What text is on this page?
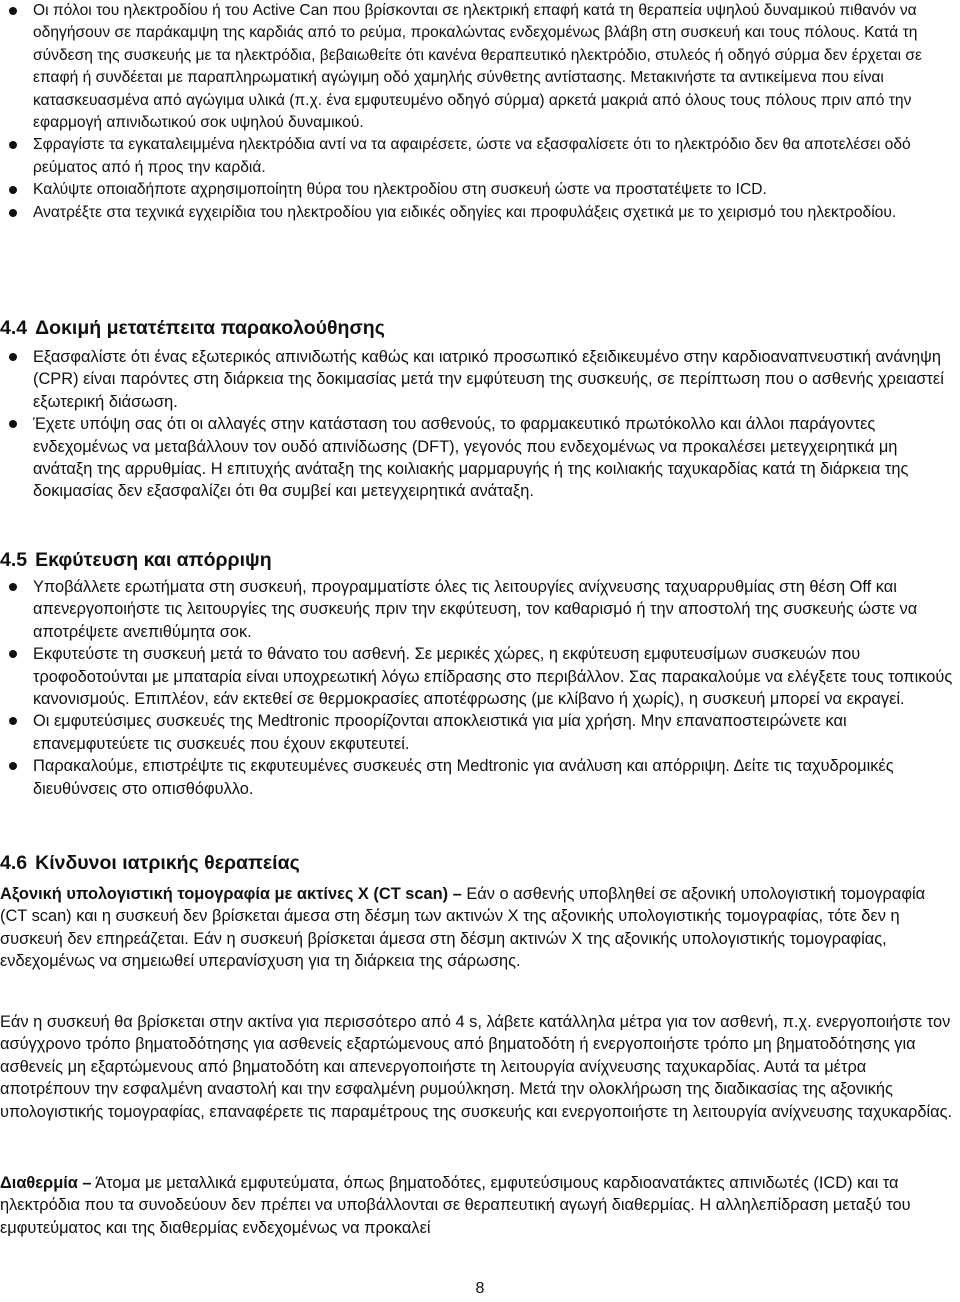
Οι πόλοι του ηλεκτροδίου ή του Active Can που βρίσκονται σε ηλεκτρική επαφή κατά τη θεραπεία υψηλού δυναμικού πιθανόν να οδηγήσουν σε παράκαμψη της καρδιάς από το ρεύμα, προκαλώντας ενδεχομένως βλάβη στη συσκευή και τους πόλους. Κατά τη σύνδεση της συσκευής με τα ηλεκτρόδια, βεβαιωθείτε ότι κανένα θεραπευτικό ηλεκτρόδιο, στυλεός ή οδηγό σύρμα δεν έρχεται σε επαφή ή συνδέεται με παραπληρωματική αγώγιμη οδό χαμηλής σύνθετης αντίστασης. Μετακινήστε τα αντικείμενα που είναι κατασκευασμένα από αγώγιμα υλικά (π.χ. ένα εμφυτευμένο οδηγό σύρμα) αρκετά μακριά από όλους τους πόλους πριν από την εφαρμογή απινιδωτικού σοκ υψηλού δυναμικού.
Σφραγίστε τα εγκαταλειμμένα ηλεκτρόδια αντί να τα αφαιρέσετε, ώστε να εξασφαλίσετε ότι το ηλεκτρόδιο δεν θα αποτελέσει οδό ρεύματος από ή προς την καρδιά.
Καλύψτε οποιαδήποτε αχρησιμοποίητη θύρα του ηλεκτροδίου στη συσκευή ώστε να προστατέψετε το ICD.
Ανατρέξτε στα τεχνικά εγχειρίδια του ηλεκτροδίου για ειδικές οδηγίες και προφυλάξεις σχετικά με το χειρισμό του ηλεκτροδίου.
4.4 Δοκιμή μετατέπειτα παρακολούθησης
Εξασφαλίστε ότι ένας εξωτερικός απινιδωτής καθώς και ιατρικό προσωπικό εξειδικευμένο στην καρδιοαναπνευστική ανάνηψη (CPR) είναι παρόντες στη διάρκεια της δοκιμασίας μετά την εμφύτευση της συσκευής, σε περίπτωση που ο ασθενής χρειαστεί εξωτερική διάσωση.
Έχετε υπόψη σας ότι οι αλλαγές στην κατάσταση του ασθενούς, το φαρμακευτικό πρωτόκολλο και άλλοι παράγοντες ενδεχομένως να μεταβάλλουν τον ουδό απινίδωσης (DFT), γεγονός που ενδεχομένως να προκαλέσει μετεγχειρητικά μη ανάταξη της αρρυθμίας. Η επιτυχής ανάταξη της κοιλιακής μαρμαρυγής ή της κοιλιακής ταχυκαρδίας κατά τη διάρκεια της δοκιμασίας δεν εξασφαλίζει ότι θα συμβεί και μετεγχειρητικά ανάταξη.
4.5 Εκφύτευση και απόρριψη
Υποβάλλετε ερωτήματα στη συσκευή, προγραμματίστε όλες τις λειτουργίες ανίχνευσης ταχυαρρυθμίας στη θέση Off και απενεργοποιήστε τις λειτουργίες της συσκευής πριν την εκφύτευση, τον καθαρισμό ή την αποστολή της συσκευής ώστε να αποτρέψετε ανεπιθύμητα σοκ.
Εκφυτεύστε τη συσκευή μετά το θάνατο του ασθενή. Σε μερικές χώρες, η εκφύτευση εμφυτευσίμων συσκευών που τροφοδοτούνται με μπαταρία είναι υποχρεωτική λόγω επίδρασης στο περιβάλλον. Σας παρακαλούμε να ελέγξετε τους τοπικούς κανονισμούς. Επιπλέον, εάν εκτεθεί σε θερμοκρασίες αποτέφρωσης (με κλίβανο ή χωρίς), η συσκευή μπορεί να εκραγεί.
Οι εμφυτεύσιμες συσκευές της Medtronic προορίζονται αποκλειστικά για μία χρήση. Μην επαναποστειρώνετε και επανεμφυτεύετε τις συσκευές που έχουν εκφυτευτεί.
Παρακαλούμε, επιστρέψτε τις εκφυτευμένες συσκευές στη Medtronic για ανάλυση και απόρριψη. Δείτε τις ταχυδρομικές διευθύνσεις στο οπισθόφυλλο.
4.6 Κίνδυνοι ιατρικής θεραπείας

Αξονική υπολογιστική τομογραφία με ακτίνες X (CT scan) – Εάν ο ασθενής υποβληθεί σε αξονική υπολογιστική τομογραφία (CT scan) και η συσκευή δεν βρίσκεται άμεσα στη δέσμη των ακτινών X της αξονικής υπολογιστικής τομογραφίας, τότε δεν η συσκευή δεν επηρεάζεται. Εάν η συσκευή βρίσκεται άμεσα στη δέσμη ακτινών X της αξονικής υπολογιστικής τομογραφίας, ενδεχομένως να σημειωθεί υπερανίσχυση για τη διάρκεια της σάρωσης.

Εάν η συσκευή θα βρίσκεται στην ακτίνα για περισσότερο από 4 s, λάβετε κατάλληλα μέτρα για τον ασθενή, π.χ. ενεργοποιήστε τον ασύγχρονο τρόπο βηματοδότησης για ασθενείς εξαρτώμενους από βηματοδότη ή ενεργοποιήστε τρόπο μη βηματοδότησης για ασθενείς μη εξαρτώμενους από βηματοδότη και απενεργοποιήστε τη λειτουργία ανίχνευσης ταχυκαρδίας. Αυτά τα μέτρα αποτρέπουν την εσφαλμένη αναστολή και την εσφαλμένη ρυμούλκηση. Μετά την ολοκλήρωση της διαδικασίας της αξονικής υπολογιστικής τομογραφίας, επαναφέρετε τις παραμέτρους της συσκευής και ενεργοποιήστε τη λειτουργία ανίχνευσης ταχυκαρδίας.

Διαθερμία – Άτομα με μεταλλικά εμφυτεύματα, όπως βηματοδότες, εμφυτεύσιμους καρδιοανατάκτες απινιδωτές (ICD) και τα ηλεκτρόδια που τα συνοδεύουν δεν πρέπει να υποβάλλονται σε θεραπευτική αγωγή διαθερμίας. Η αλληλεπίδραση μεταξύ του εμφυτεύματος και της διαθερμίας ενδεχομένως να προκαλεί

8
